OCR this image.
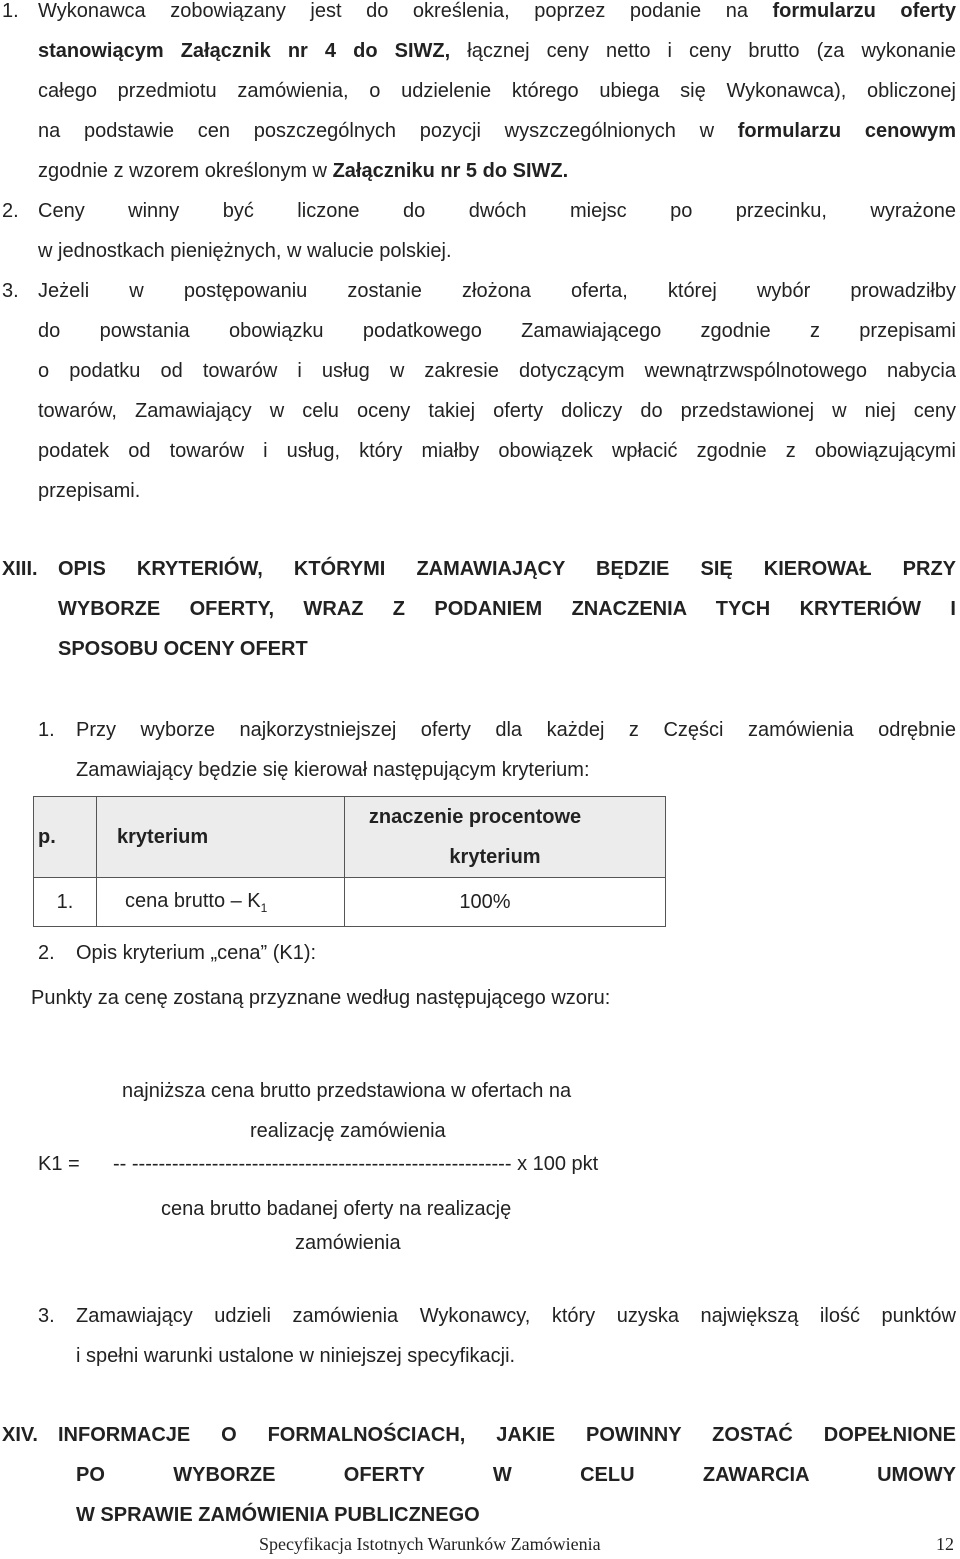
1. Wykonawca zobowiązany jest do określenia, poprzez podanie na formularzu oferty
stanowiącym Załącznik nr 4 do SIWZ, łącznej ceny netto i ceny brutto (za wykonanie
całego przedmiotu zamówienia, o udzielenie którego ubiega się Wykonawca), obliczonej
na podstawie cen poszczególnych pozycji wyszczególnionych w formularzu cenowym
zgodnie z wzorem określonym w Załączniku nr 5 do SIWZ.
2. Ceny winny być liczone do dwóch miejsc po przecinku, wyrażone
w jednostkach pieniężnych, w walucie polskiej.
3. Jeżeli w postępowaniu zostanie złożona oferta, której wybór prowadziłby
do powstania obowiązku podatkowego Zamawiającego zgodnie z przepisami
o podatku od towarów i usług w zakresie dotyczącym wewnątrzwspólnotowego nabycia
towarów, Zamawiający w celu oceny takiej oferty doliczy do przedstawionej w niej ceny
podatek od towarów i usług, który miałby obowiązek wpłacić zgodnie z obowiązującymi
przepisami.
XIII. OPIS KRYTERIÓW, KTÓRYMI ZAMAWIAJĄCY BĘDZIE SIĘ KIEROWAŁ PRZY
WYBORZE OFERTY, WRAZ Z PODANIEM ZNACZENIA TYCH KRYTERIÓW I
SPOSOBU OCENY OFERT
1. Przy wyborze najkorzystniejszej oferty dla każdej z Części zamówienia odrębnie
Zamawiający będzie się kierował następującym kryterium:
p.	kryterium	znaczenie procentowe
kryterium

1.	cena brutto – $K_1$	100%
2. Opis kryterium „cena” (K1):
Punkty za cenę zostaną przyznane według następującego wzoru:
najniższa cena brutto przedstawiona w ofertach na
realizację zamówienia
K1 = -- --------------------------------------------------------- x 100 pkt
cena brutto badanej oferty na realizację
zamówienia
3. Zamawiający udzieli zamówienia Wykonawcy, który uzyska największą ilość punktów
i spełni warunki ustalone w niniejszej specyfikacji.
XIV. INFORMACJE O FORMALNOŚCIACH, JAKIE POWINNY ZOSTAĆ DOPEŁNIONE
PO WYBORZE OFERTY W CELU ZAWARCIA UMOWY
W SPRAWIE ZAMÓWIENIA PUBLICZNEGO
Specyfikacja Istotnych Warunków Zamówienia	12
